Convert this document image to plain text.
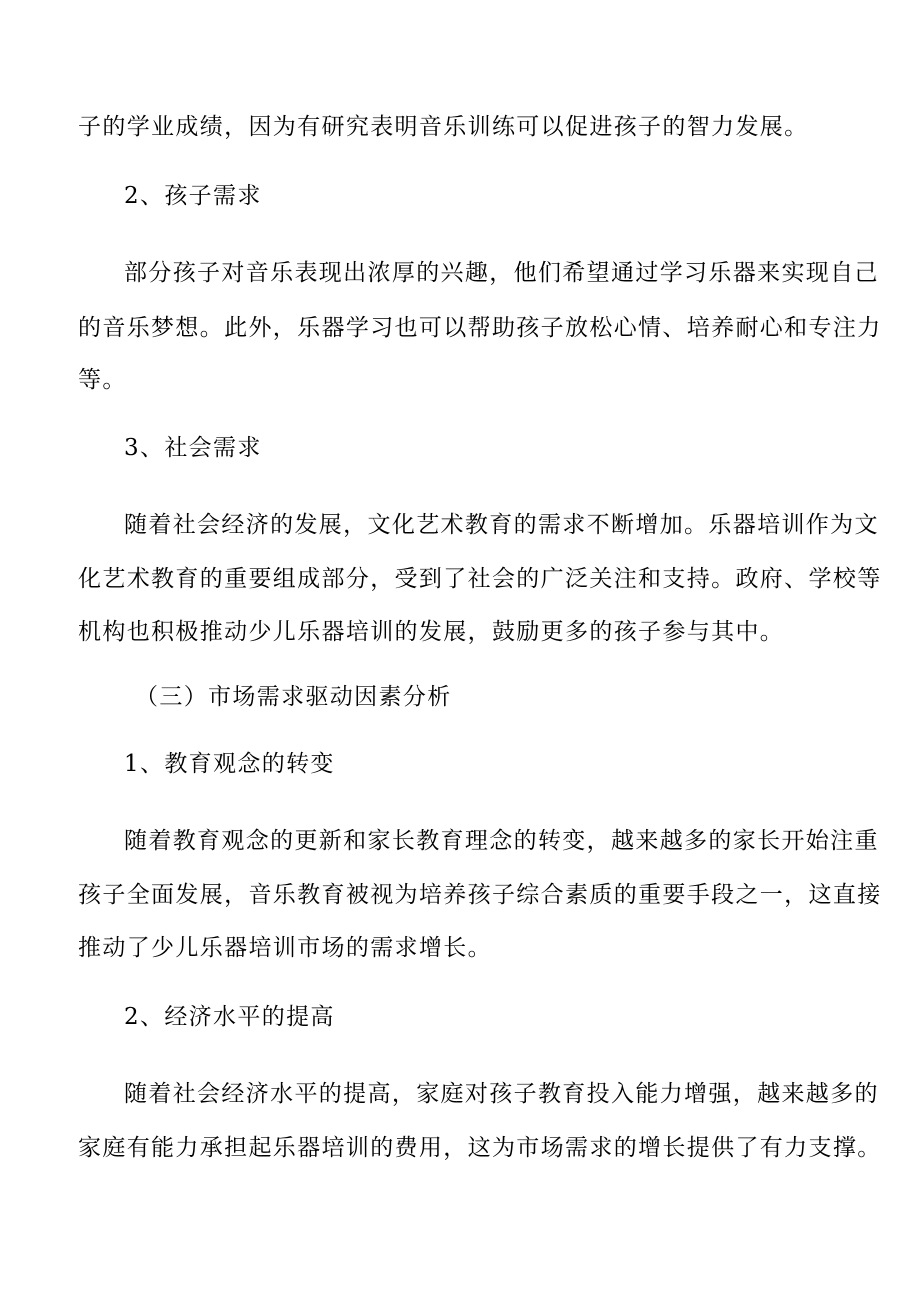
子的学业成绩，因为有研究表明音乐训练可以促进孩子的智力发展。
2、孩子需求
部分孩子对音乐表现出浓厚的兴趣，他们希望通过学习乐器来实现自己
的音乐梦想。此外，乐器学习也可以帮助孩子放松心情、培养耐心和专注力
等。
3、社会需求
随着社会经济的发展，文化艺术教育的需求不断增加。乐器培训作为文
化艺术教育的重要组成部分，受到了社会的广泛关注和支持。政府、学校等
机构也积极推动少儿乐器培训的发展，鼓励更多的孩子参与其中。
（三）市场需求驱动因素分析
1、教育观念的转变
随着教育观念的更新和家长教育理念的转变，越来越多的家长开始注重
孩子全面发展，音乐教育被视为培养孩子综合素质的重要手段之一，这直接
推动了少儿乐器培训市场的需求增长。
2、经济水平的提高
随着社会经济水平的提高，家庭对孩子教育投入能力增强，越来越多的
家庭有能力承担起乐器培训的费用，这为市场需求的增长提供了有力支撑。
